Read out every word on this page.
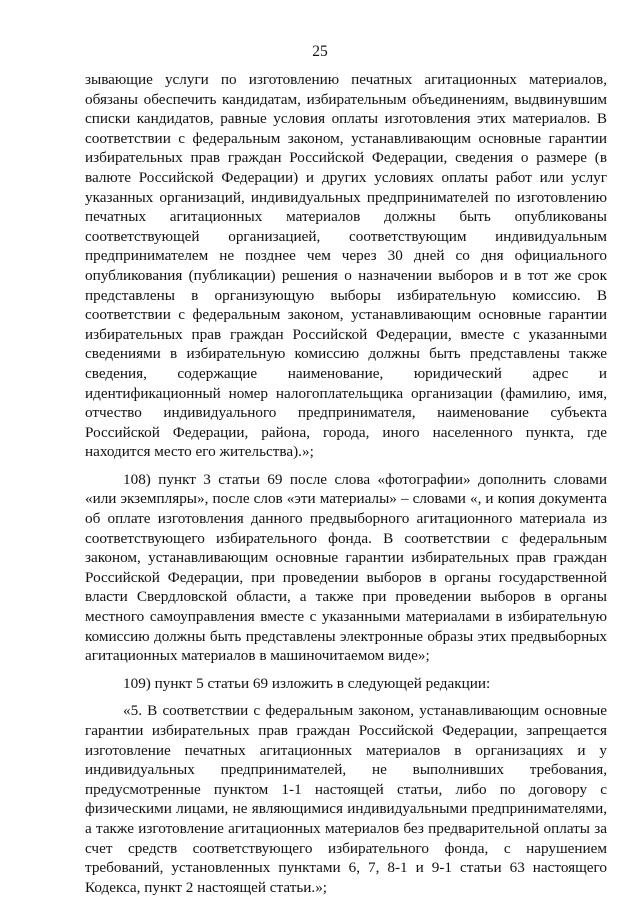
25

зывающие услуги по изготовлению печатных агитационных материалов, обязаны обеспечить кандидатам, избирательным объединениям, выдвинувшим списки кандидатов, равные условия оплаты изготовления этих материалов. В соответствии с федеральным законом, устанавливающим основные гарантии избирательных прав граждан Российской Федерации, сведения о размере (в валюте Российской Федерации) и других условиях оплаты работ или услуг указанных организаций, индивидуальных предпринимателей по изготовлению печатных агитационных материалов должны быть опубликованы соответствующей организацией, соответствующим индивидуальным предпринимателем не позднее чем через 30 дней со дня официального опубликования (публикации) решения о назначении выборов и в тот же срок представлены в организующую выборы избирательную комиссию. В соответствии с федеральным законом, устанавливающим основные гарантии избирательных прав граждан Российской Федерации, вместе с указанными сведениями в избирательную комиссию должны быть представлены также сведения, содержащие наименование, юридический адрес и идентификационный номер налогоплательщика организации (фамилию, имя, отчество индивидуального предпринимателя, наименование субъекта Российской Федерации, района, города, иного населенного пункта, где находится место его жительства).»;

108) пункт 3 статьи 69 после слова «фотографии» дополнить словами «или экземпляры», после слов «эти материалы» – словами «, и копия документа об оплате изготовления данного предвыборного агитационного материала из соответствующего избирательного фонда. В соответствии с федеральным законом, устанавливающим основные гарантии избирательных прав граждан Российской Федерации, при проведении выборов в органы государственной власти Свердловской области, а также при проведении выборов в органы местного самоуправления вместе с указанными материалами в избирательную комиссию должны быть представлены электронные образы этих предвыборных агитационных материалов в машиночитаемом виде»;

109) пункт 5 статьи 69 изложить в следующей редакции:

«5. В соответствии с федеральным законом, устанавливающим основные гарантии избирательных прав граждан Российской Федерации, запрещается изготовление печатных агитационных материалов в организациях и у индивидуальных предпринимателей, не выполнивших требования, предусмотренные пунктом 1-1 настоящей статьи, либо по договору с физическими лицами, не являющимися индивидуальными предпринимателями, а также изготовление агитационных материалов без предварительной оплаты за счет средств соответствующего избирательного фонда, с нарушением требований, установленных пунктами 6, 7, 8-1 и 9-1 статьи 63 настоящего Кодекса, пункт 2 настоящей статьи.»;
